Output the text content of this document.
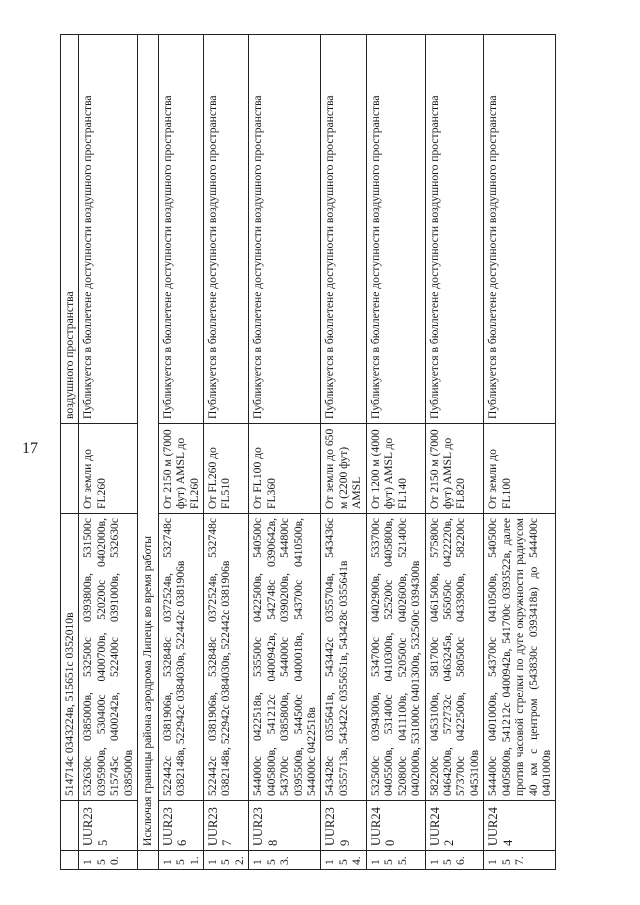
17
		514714с 0343224в, 515651с 0352010в		воздушного пространства
150.	UUR235	532630с 0385000в, 532500с 0393800в, 531500с 0395900в, 530400с 0400700в, 520200с 0402000в, 515745с 0400242в, 522400с 0391000в, 532630с 0385000в	От земли до FL260	Публикуется в бюллетене доступности воздушного пространства
	Исключая границы района аэродрома Липецк во время работы			
151.	UUR236	522442с 0381906в, 532848с 0372524в, 532748с 0382148в, 522942с 0384030в, 522442с 0381906в	От 2150 м (7000 фут) AMSL до FL260	Публикуется в бюллетене доступности воздушного пространства
152.	UUR237	522442с 0381906в, 532848с 0372524в, 532748с 0382148в, 522942с 0384030в, 522442с 0381906в	От FL260 до FL510	Публикуется в бюллетене доступности воздушного пространства
153.	UUR238	544000с 0422518в, 535500с 0422500в, 540500с 0405800в, 541212с 0400942в, 542748с 0390642в, 543700с 0385800в, 544000с 0390200в, 544800с 0395500в, 544500с 0400018в, 543700с 0410500в, 544000с 0422518в	От FL100 до FL360	Публикуется в бюллетене доступности воздушного пространства
154.	UUR239	543428с 0355641в, 543442с 0355704в, 543436с 0355713в, 543422с 0355651в, 543428с 0355641в	От земли до 650 м (2200 фут) AMSL	Публикуется в бюллетене доступности воздушного пространства
155.	UUR240	532500с 0394300в, 534700с 0402900в, 533700с 0405500в, 531400с 0410300в, 525200с 0405800в, 520800с 0411100в, 520500с 0402600в, 521400с 0402000в, 531000с 0401300в, 532500с 0394300в	От 1200 м (4000 фут) AMSL до FL140	Публикуется в бюллетене доступности воздушного пространства
156.	UUR242	582200с 0453100в, 581700с 0461500в, 575800с 0464200в, 572732с 0463245в, 565050с 0422220в, 573700с 0422500в, 580500с 0433900в, 582200с 0453100в	От 2150 м (7000 фут) AMSL до FL820	Публикуется в бюллетене доступности воздушного пространства
157.	UUR244	544400с 0401000в, 543700с 0410500в, 540500с 0405800в, 541212с 0400942в, 541700с 0393522в, далее против часовой стрелки по дуге окружности радиусом 40 км с центром (543830с 0393418в) до 544400с 0401000в	От земли до FL100	Публикуется в бюллетене доступности воздушного пространства
